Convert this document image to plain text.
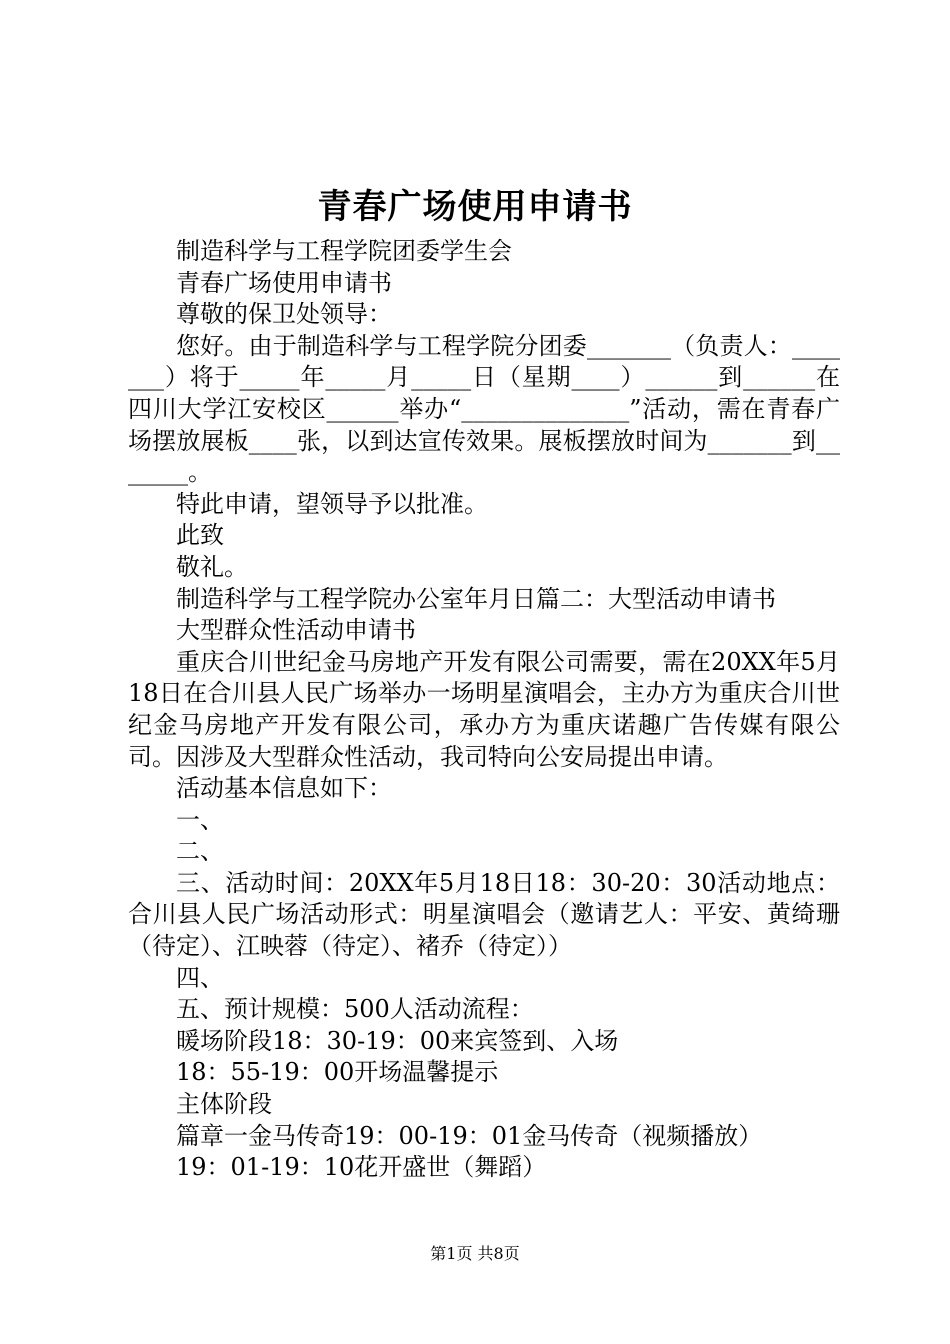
青春广场使用申请书

制造科学与工程学院团委学生会

青春广场使用申请书

尊敬的保卫处领导：

您好。由于制造科学与工程学院分团委_______（负责人：_______）将于_____年_____月_____日（星期____）______到______在四川大学江安校区______举办“______________”活动，需在青春广场摆放展板____张，以到达宣传效果。展板摆放时间为_______到_______。

特此申请，望领导予以批准。

此致

敬礼。

制造科学与工程学院办公室年月日篇二：大型活动申请书

大型群众性活动申请书

重庆合川世纪金马房地产开发有限公司需要，需在20XX年5月18日在合川县人民广场举办一场明星演唱会，主办方为重庆合川世纪金马房地产开发有限公司，承办方为重庆诺趣广告传媒有限公司。因涉及大型群众性活动，我司特向公安局提出申请。

活动基本信息如下：

一、

二、

三、活动时间：20XX年5月18日18：30-20：30活动地点：合川县人民广场活动形式：明星演唱会（邀请艺人：平安、黄绮珊（待定）、江映蓉（待定）、褚乔（待定））

四、

五、预计规模：500人活动流程：

暖场阶段18：30-19：00来宾签到、入场

18：55-19：00开场温馨提示

主体阶段

篇章一金马传奇19：00-19：01金马传奇（视频播放）

19：01-19：10花开盛世（舞蹈）

第1页 共8页
